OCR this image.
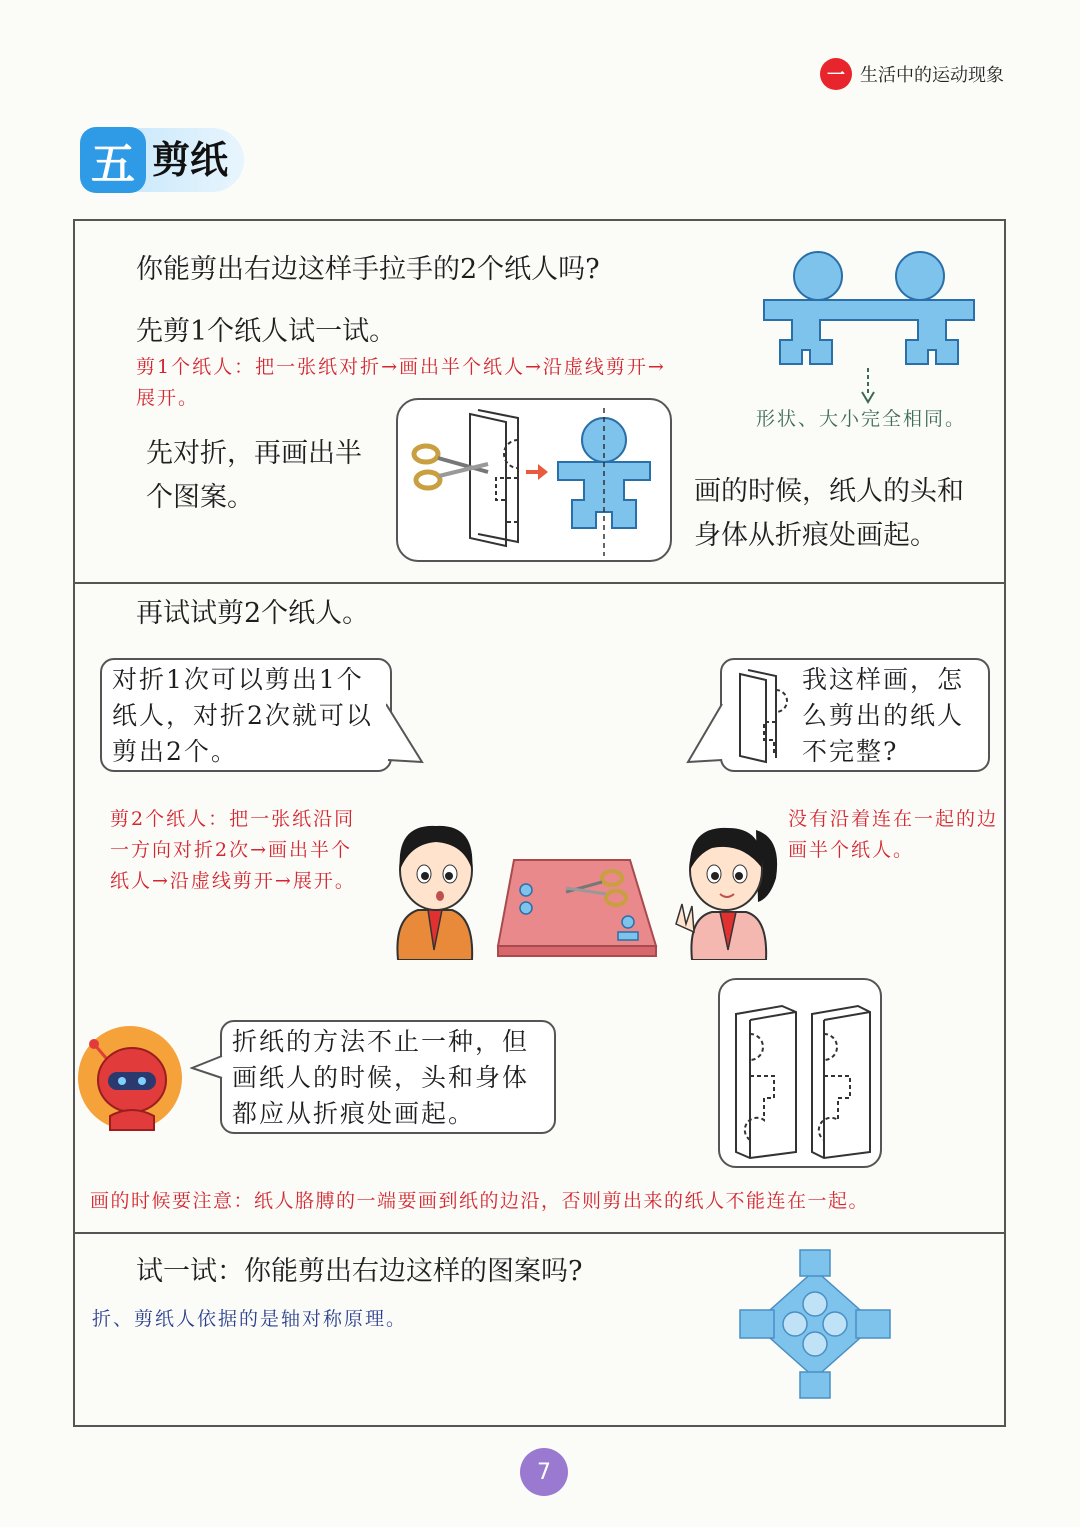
一 生活中的运动现象
五 剪纸
你能剪出右边这样手拉手的2个纸人吗?
先剪1个纸人试一试。
剪1个纸人：把一张纸对折→画出半个纸人→沿虚线剪开→展开。
形状、大小完全相同。
先对折，再画出半个图案。	画的时候，纸人的头和身体从折痕处画起。
再试试剪2个纸人。
对折1次可以剪出1个纸人，对折2次就可以剪出2个。
我这样画，怎么剪出的纸人不完整?
剪2个纸人：把一张纸沿同一方向对折2次→画出半个纸人→沿虚线剪开→展开。
没有沿着连在一起的边画半个纸人。
折纸的方法不止一种，但画纸人的时候，头和身体都应从折痕处画起。
画的时候要注意：纸人胳膊的一端要画到纸的边沿，否则剪出来的纸人不能连在一起。
试一试：你能剪出右边这样的图案吗?
折、剪纸人依据的是轴对称原理。
7
